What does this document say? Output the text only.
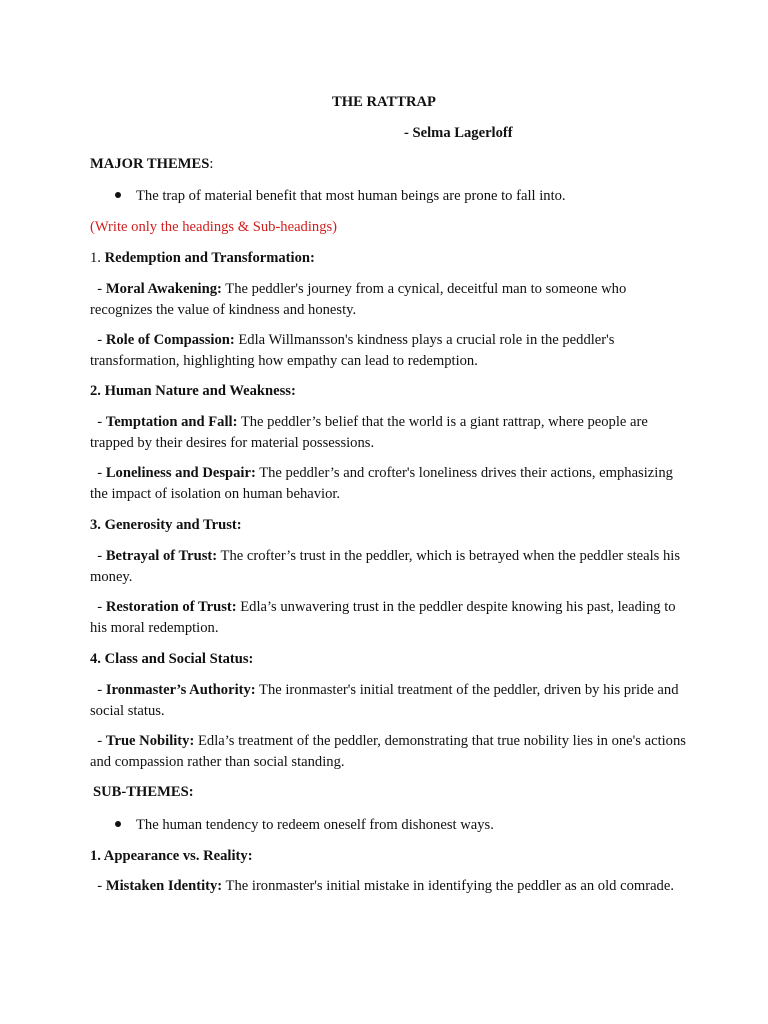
THE RATTRAP

- Selma Lagerloff

MAJOR THEMES:

The trap of material benefit that most human beings are prone to fall into.

(Write only the headings & Sub-headings)

1. Redemption and Transformation:

- Moral Awakening: The peddler's journey from a cynical, deceitful man to someone who recognizes the value of kindness and honesty.

- Role of Compassion: Edla Willmansson's kindness plays a crucial role in the peddler's transformation, highlighting how empathy can lead to redemption.

2. Human Nature and Weakness:

- Temptation and Fall: The peddler’s belief that the world is a giant rattrap, where people are trapped by their desires for material possessions.

- Loneliness and Despair: The peddler’s and crofter's loneliness drives their actions, emphasizing the impact of isolation on human behavior.

3. Generosity and Trust:

- Betrayal of Trust: The crofter’s trust in the peddler, which is betrayed when the peddler steals his money.

- Restoration of Trust: Edla’s unwavering trust in the peddler despite knowing his past, leading to his moral redemption.

4. Class and Social Status:

- Ironmaster’s Authority: The ironmaster's initial treatment of the peddler, driven by his pride and social status.

- True Nobility: Edla’s treatment of the peddler, demonstrating that true nobility lies in one's actions and compassion rather than social standing.

SUB-THEMES:

The human tendency to redeem oneself from dishonest ways.

1. Appearance vs. Reality:

- Mistaken Identity: The ironmaster's initial mistake in identifying the peddler as an old comrade.
